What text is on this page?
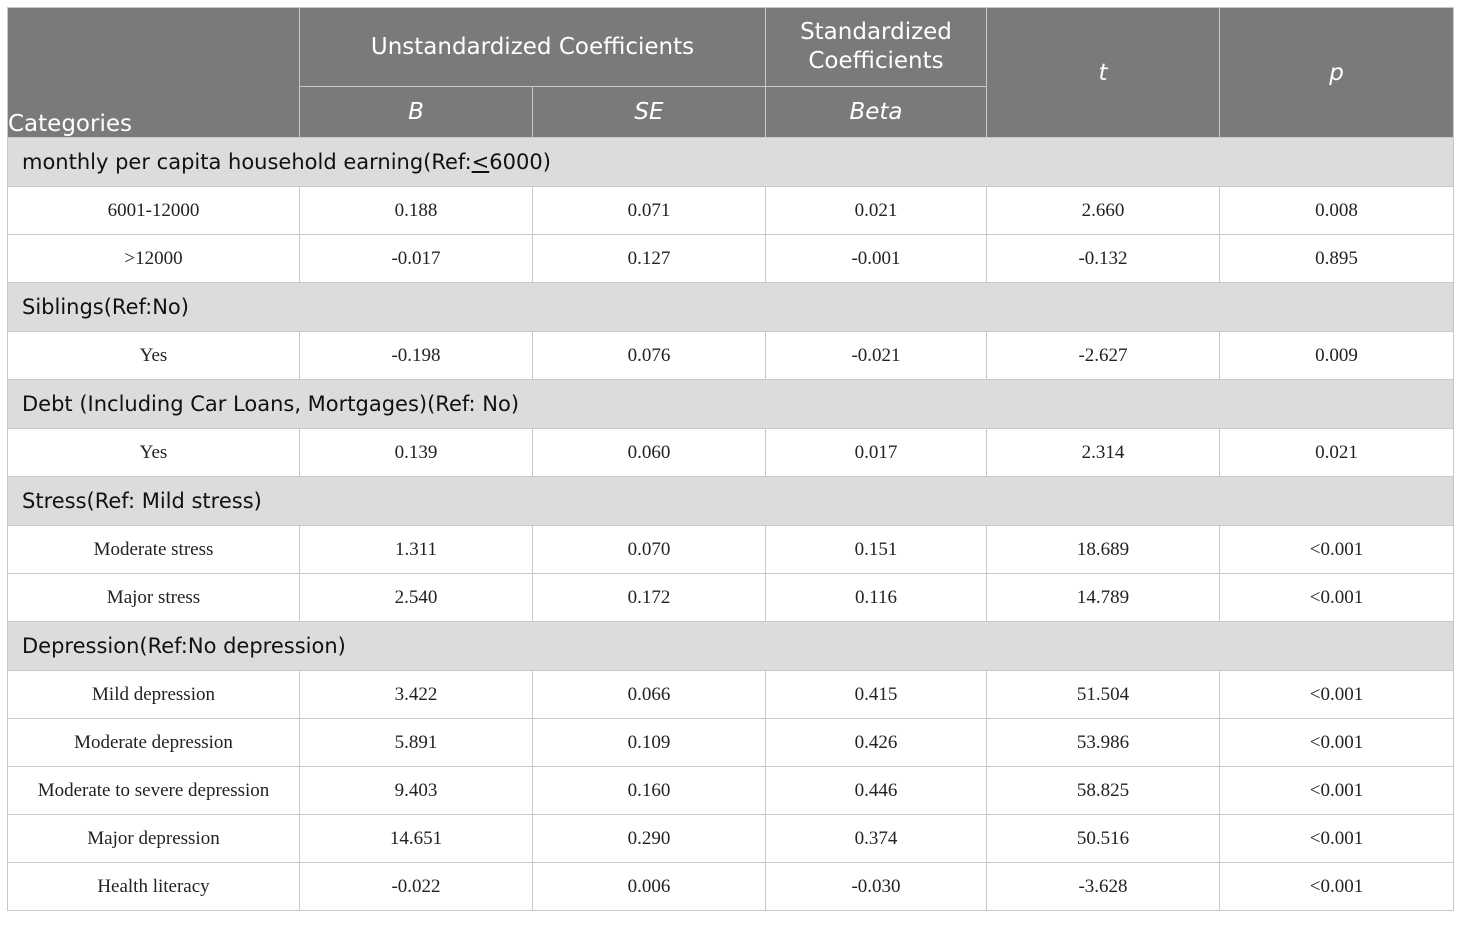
Categories	Unstandardized Coefficients		Standardized Coefficients	t	p
	B	SE	Beta		
monthly per capita household earning(Ref:<6000)					
6001-12000	0.188	0.071	0.021	2.660	0.008
>12000	-0.017	0.127	-0.001	-0.132	0.895
Siblings(Ref:No)					
Yes	-0.198	0.076	-0.021	-2.627	0.009
Debt (Including Car Loans, Mortgages)(Ref: No)					
Yes	0.139	0.060	0.017	2.314	0.021
Stress(Ref: Mild stress)					
Moderate stress	1.311	0.070	0.151	18.689	<0.001
Major stress	2.540	0.172	0.116	14.789	<0.001
Depression(Ref:No depression)					
Mild depression	3.422	0.066	0.415	51.504	<0.001
Moderate depression	5.891	0.109	0.426	53.986	<0.001
Moderate to severe depression	9.403	0.160	0.446	58.825	<0.001
Major depression	14.651	0.290	0.374	50.516	<0.001
Health literacy	-0.022	0.006	-0.030	-3.628	<0.001
